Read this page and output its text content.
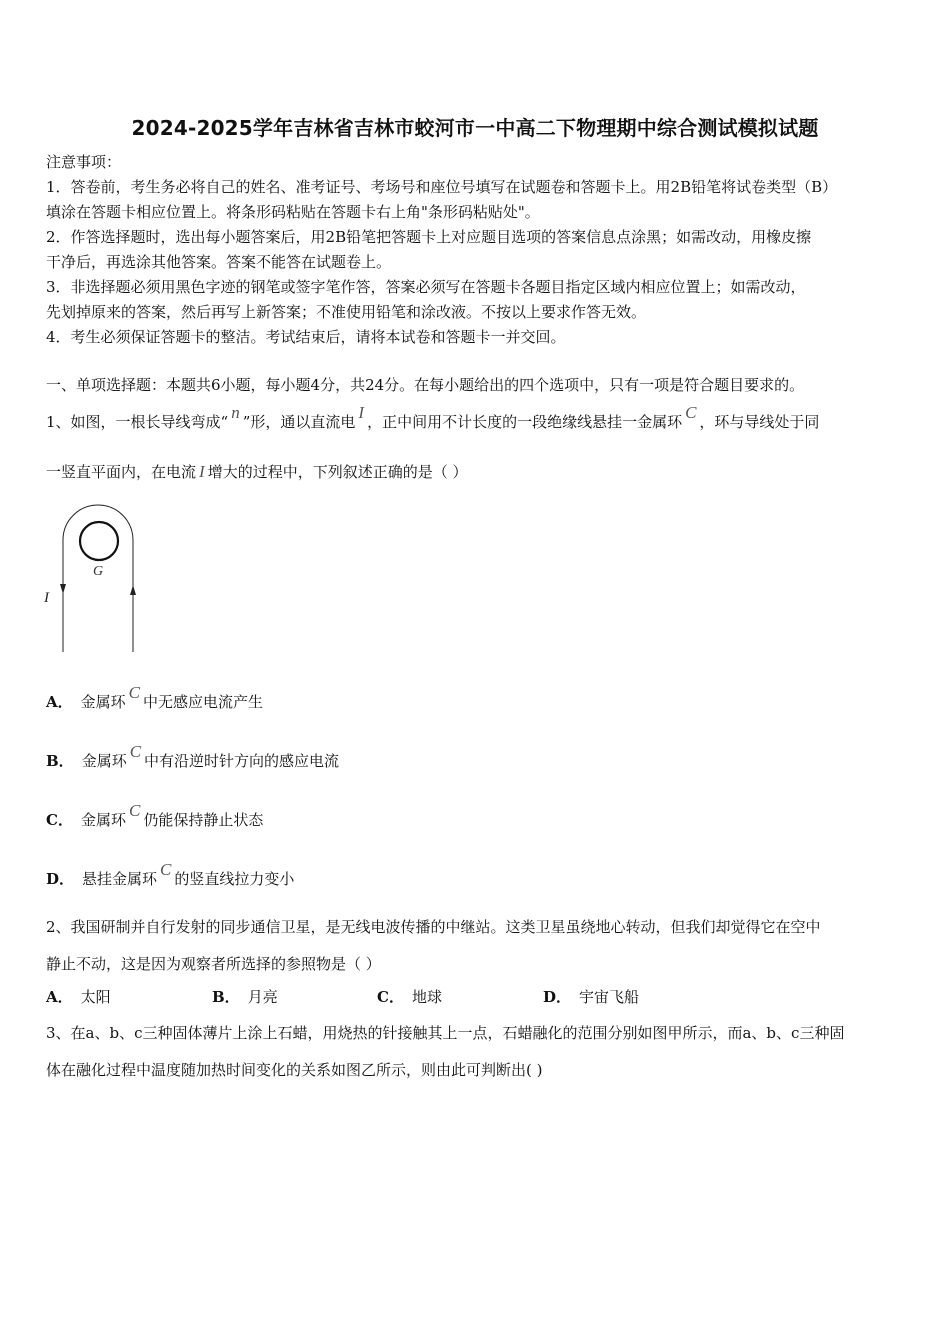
2024-2025学年吉林省吉林市蛟河市一中高二下物理期中综合测试模拟试题
注意事项：
1．答卷前，考生务必将自己的姓名、准考证号、考场号和座位号填写在试题卷和答题卡上。用2B铅笔将试卷类型（B）
填涂在答题卡相应位置上。将条形码粘贴在答题卡右上角"条形码粘贴处"。
2．作答选择题时，选出每小题答案后，用2B铅笔把答题卡上对应题目选项的答案信息点涂黑；如需改动，用橡皮擦
干净后，再选涂其他答案。答案不能答在试题卷上。
3．非选择题必须用黑色字迹的钢笔或签字笔作答，答案必须写在答题卡各题目指定区域内相应位置上；如需改动，
先划掉原来的答案，然后再写上新答案；不准使用铅笔和涂改液。不按以上要求作答无效。
4．考生必须保证答题卡的整洁。考试结束后，请将本试卷和答题卡一并交回。
一、单项选择题：本题共6小题，每小题4分，共24分。在每小题给出的四个选项中，只有一项是符合题目要求的。
1、如图，一根长导线弯成“ n ”形，通以直流电 I ，正中间用不计长度的一段绝缘线悬挂一金属环 C ，环与导线处于同
一竖直平面内，在电流 I 增大的过程中，下列叙述正确的是（ ）
G
I
A． 金属环 C 中无感应电流产生
B． 金属环 C 中有沿逆时针方向的感应电流
C． 金属环 C 仍能保持静止状态
D． 悬挂金属环 C 的竖直线拉力变小
2、我国研制并自行发射的同步通信卫星，是无线电波传播的中继站。这类卫星虽绕地心转动，但我们却觉得它在空中
静止不动，这是因为观察者所选择的参照物是（ ）
A． 太阳	B． 月亮	C． 地球	D． 宇宙飞船
3、在a、b、c三种固体薄片上涂上石蜡，用烧热的针接触其上一点，石蜡融化的范围分别如图甲所示，而a、b、c三种固
体在融化过程中温度随加热时间变化的关系如图乙所示，则由此可判断出( )
